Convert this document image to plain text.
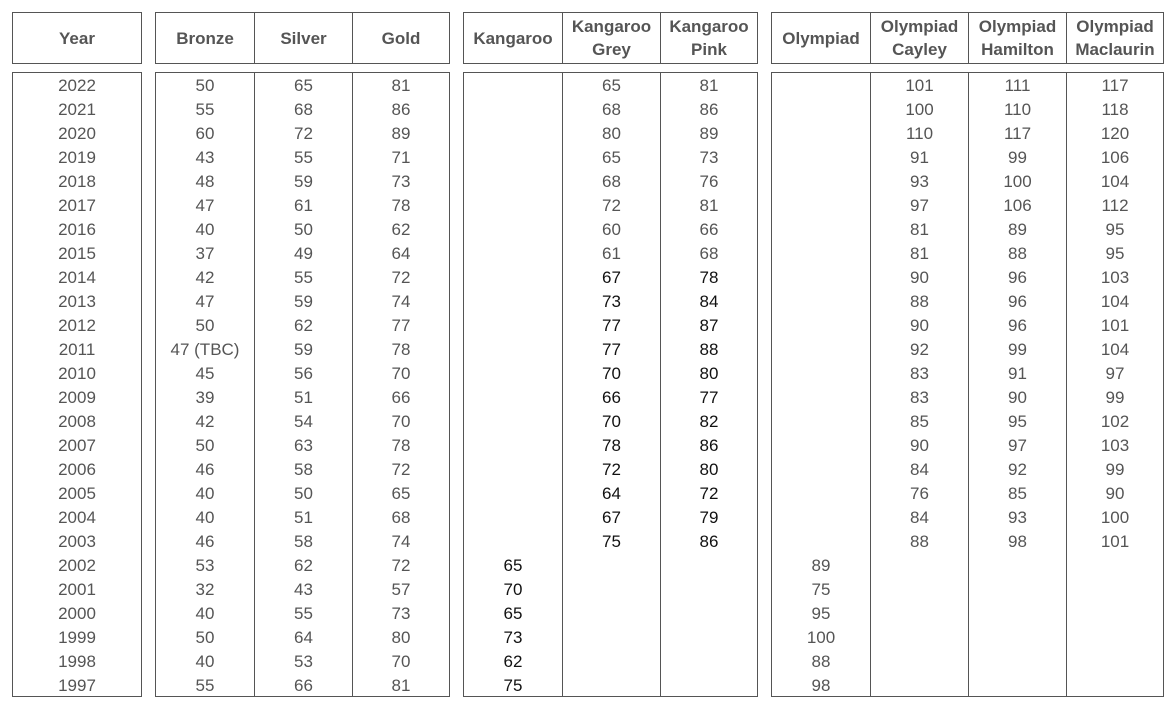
Year
2022
2021
2020
2019
2018
2017
2016
2015
2014
2013
2012
2011
2010
2009
2008
2007
2006
2005
2004
2003
2002
2001
2000
1999
1998
1997
Bronze	Silver	Gold
50
55
60
43
48
47
40
37
42
47
50
47 (TBC)
45
39
42
50
46
40
40
46
53
32
40
50
40
55
65
68
72
55
59
61
50
49
55
59
62
59
56
51
54
63
58
50
51
58
62
43
55
64
53
66
81
86
89
71
73
78
62
64
72
74
77
78
70
66
70
78
72
65
68
74
72
57
73
80
70
81
Kangaroo
Kangaroo Grey
Kangaroo Pink
65
70
65
73
62
75
65
68
80
65
68
72
60
61
67
73
77
77
70
66
70
78
72
64
67
75
81
86
89
73
76
81
66
68
78
84
87
88
80
77
82
86
80
72
79
86
Olympiad
Olympiad Cayley
Olympiad Hamilton
Olympiad Maclaurin
89
75
95
100
88
98
101
100
110
91
93
97
81
81
90
88
90
92
83
83
85
90
84
76
84
88
111
110
117
99
100
106
89
88
96
96
96
99
91
90
95
97
92
85
93
98
117
118
120
106
104
112
95
95
103
104
101
104
97
99
102
103
99
90
100
101
